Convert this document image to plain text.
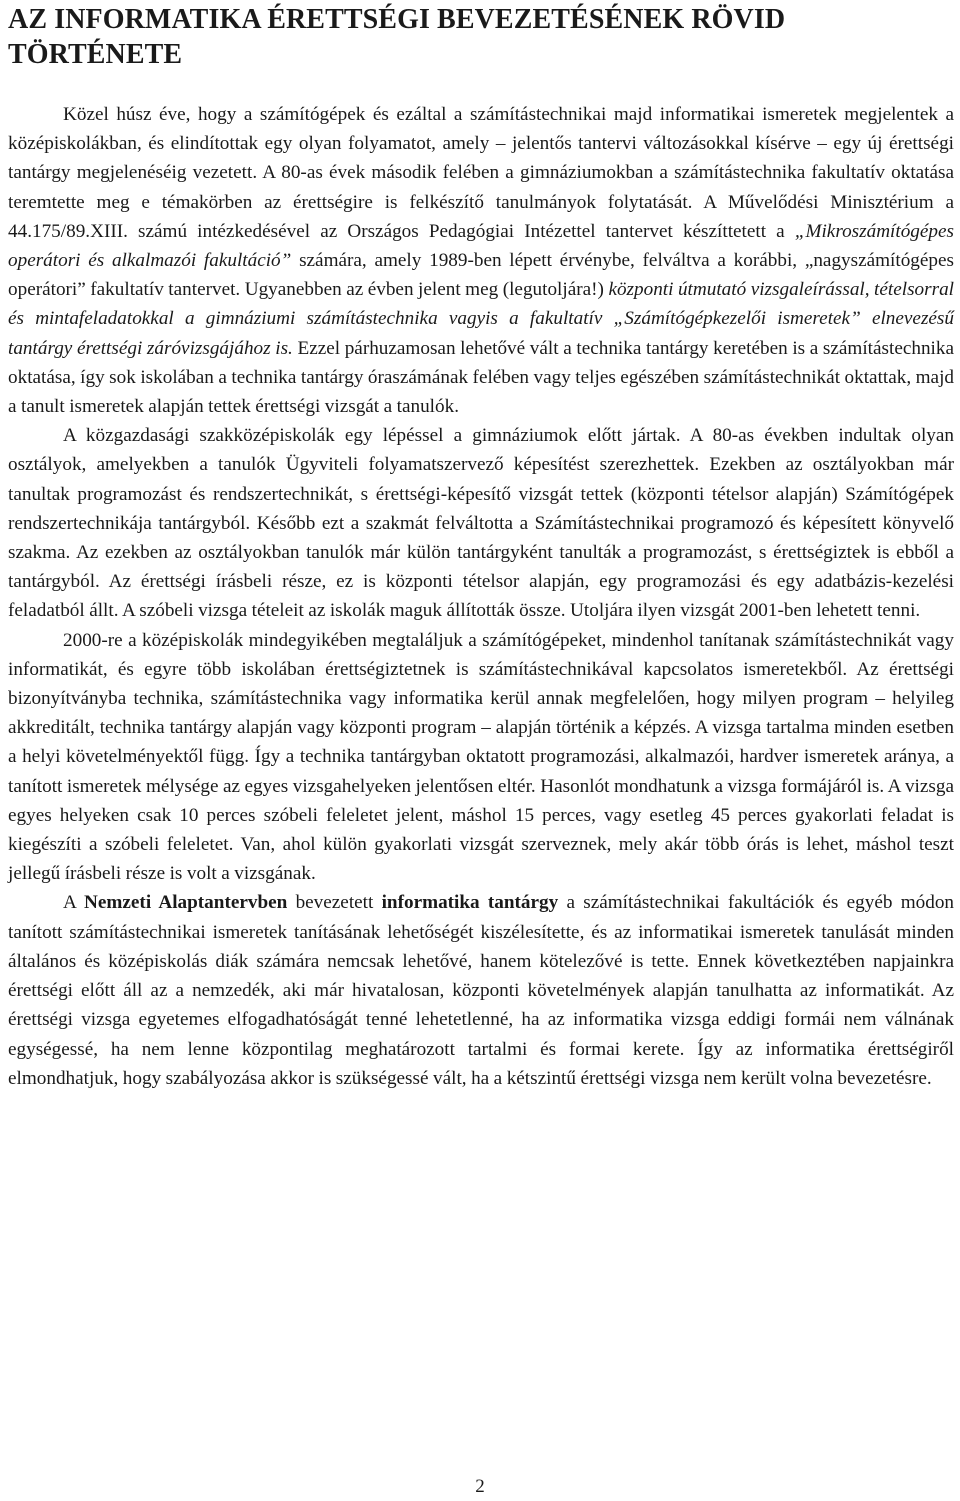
AZ INFORMATIKA ÉRETTSÉGI BEVEZETÉSÉNEK RÖVID TÖRTÉNETE

Közel húsz éve, hogy a számítógépek és ezáltal a számítástechnikai majd informatikai ismeretek megjelentek a középiskolákban, és elindítottak egy olyan folyamatot, amely – jelentős tantervi változásokkal kísérve – egy új érettségi tantárgy megjelenéséig vezetett. A 80-as évek második felében a gimnáziumokban a számítástechnika fakultatív oktatása teremtette meg e témakörben az érettségire is felkészítő tanulmányok folytatását. A Művelődési Minisztérium a 44.175/89.XIII. számú intézkedésével az Országos Pedagógiai Intézettel tantervet készíttetett a „Mikroszámítógépes operátori és alkalmazói fakultáció” számára, amely 1989-ben lépett érvénybe, felváltva a korábbi, „nagyszámítógépes operátori” fakultatív tantervet. Ugyanebben az évben jelent meg (legutoljára!) központi útmutató vizsgaleírással, tételsorral és mintafeladatokkal a gimnáziumi számítástechnika vagyis a fakultatív „Számítógépkezelői ismeretek” elnevezésű tantárgy érettségi záróvizsgájához is. Ezzel párhuzamosan lehetővé vált a technika tantárgy keretében is a számítástechnika oktatása, így sok iskolában a technika tantárgy óraszámának felében vagy teljes egészében számítástechnikát oktattak, majd a tanult ismeretek alapján tettek érettségi vizsgát a tanulók.

A közgazdasági szakközépiskolák egy lépéssel a gimnáziumok előtt jártak. A 80-as években indultak olyan osztályok, amelyekben a tanulók Ügyviteli folyamatszervező képesítést szerezhettek. Ezekben az osztályokban már tanultak programozást és rendszertechnikát, s érettségi-képesítő vizsgát tettek (központi tételsor alapján) Számítógépek rendszertechnikája tantárgyból. Később ezt a szakmát felváltotta a Számítástechnikai programozó és képesített könyvelő szakma. Az ezekben az osztályokban tanulók már külön tantárgyként tanulták a programozást, s érettségiztek is ebből a tantárgyból. Az érettségi írásbeli része, ez is központi tételsor alapján, egy programozási és egy adatbázis-kezelési feladatból állt. A szóbeli vizsga tételeit az iskolák maguk állították össze. Utoljára ilyen vizsgát 2001-ben lehetett tenni.

2000-re a középiskolák mindegyikében megtaláljuk a számítógépeket, mindenhol tanítanak számítástechnikát vagy informatikát, és egyre több iskolában érettségiztetnek is számítástechnikával kapcsolatos ismeretekből. Az érettségi bizonyítványba technika, számítástechnika vagy informatika kerül annak megfelelően, hogy milyen program – helyileg akkreditált, technika tantárgy alapján vagy központi program – alapján történik a képzés. A vizsga tartalma minden esetben a helyi követelményektől függ. Így a technika tantárgyban oktatott programozási, alkalmazói, hardver ismeretek aránya, a tanított ismeretek mélysége az egyes vizsgahelyeken jelentősen eltér. Hasonlót mondhatunk a vizsga formájáról is. A vizsga egyes helyeken csak 10 perces szóbeli feleletet jelent, máshol 15 perces, vagy esetleg 45 perces gyakorlati feladat is kiegészíti a szóbeli feleletet. Van, ahol külön gyakorlati vizsgát szerveznek, mely akár több órás is lehet, máshol teszt jellegű írásbeli része is volt a vizsgának.

A Nemzeti Alaptantervben bevezetett informatika tantárgy a számítástechnikai fakultációk és egyéb módon tanított számítástechnikai ismeretek tanításának lehetőségét kiszélesítette, és az informatikai ismeretek tanulását minden általános és középiskolás diák számára nemcsak lehetővé, hanem kötelezővé is tette. Ennek következtében napjainkra érettségi előtt áll az a nemzedék, aki már hivatalosan, központi követelmények alapján tanulhatta az informatikát. Az érettségi vizsga egyetemes elfogadhatóságát tenné lehetetlenné, ha az informatika vizsga eddigi formái nem válnának egységessé, ha nem lenne központilag meghatározott tartalmi és formai kerete. Így az informatika érettségiről elmondhatjuk, hogy szabályozása akkor is szükségessé vált, ha a kétszintű érettségi vizsga nem került volna bevezetésre.

2
